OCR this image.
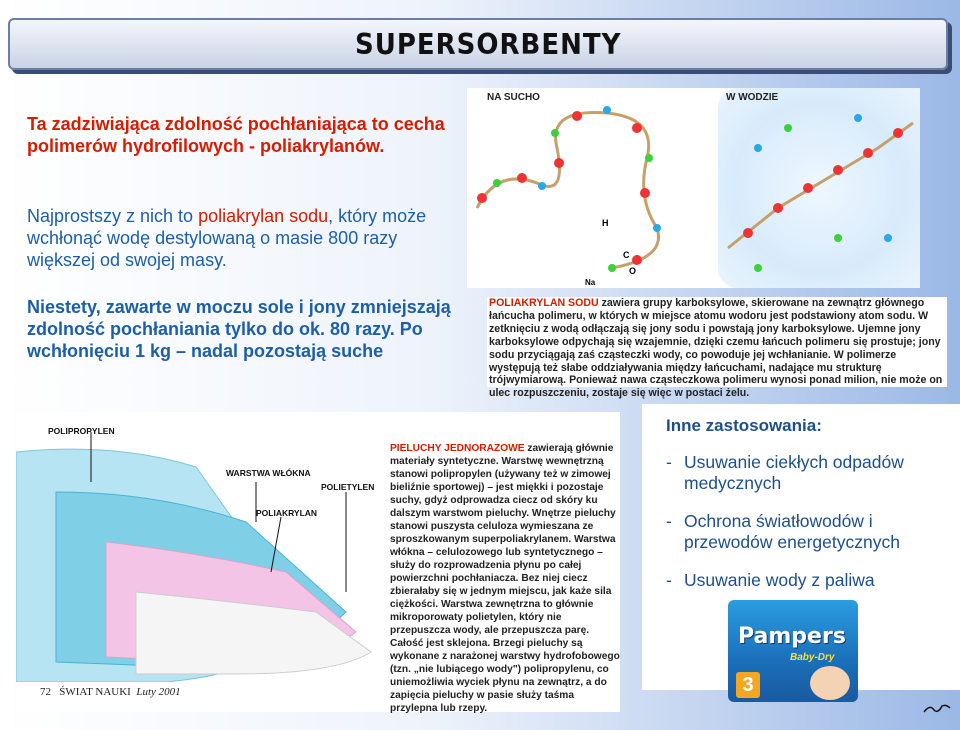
SUPERSORBENTY
Ta zadziwiająca zdolność pochłaniająca to cecha polimerów hydrofilowych - poliakrylanów.
Najprostszy z nich to poliakrylan sodu, który może wchłonąć wodę destylowaną o masie 800 razy większej od swojej masy.
Niestety, zawarte w moczu sole i jony zmniejszają zdolność pochłaniania tylko do ok. 80 razy. Po wchłonięciu 1 kg – nadal pozostają suche
NA SUCHO
H
C
O
Na
W WODZIE
POLIAKRYLAN SODU zawiera grupy karboksylowe, skierowane na zewnątrz głównego łańcucha polimeru, w których w miejsce atomu wodoru jest podstawiony atom sodu. W zetknięciu z wodą odłączają się jony sodu i powstają jony karboksylowe. Ujemne jony karboksylowe odpychają się wzajemnie, dzięki czemu łańcuch polimeru się prostuje; jony sodu przyciągają zaś cząsteczki wody, co powoduje jej wchłanianie. W polimerze występują też słabe oddziaływania między łańcuchami, nadające mu strukturę trójwymiarową. Ponieważ nawa cząsteczkowa polimeru wynosi ponad milion, nie może on ulec rozpuszczeniu, zostaje się więc w postaci żelu.
POLIPROPYLEN
WARSTWA WŁÓKNA
POLIETYLEN
POLIAKRYLAN
PIELUCHY JEDNORAZOWE zawierają głównie materiały syntetyczne. Warstwę wewnętrzną stanowi polipropylen (używany też w zimowej bieliźnie sportowej) – jest miękki i pozostaje suchy, gdyż odprowadza ciecz od skóry ku dalszym warstwom pieluchy. Wnętrze pieluchy stanowi puszysta celuloza wymieszana ze sproszkowanym superpoliakrylanem. Warstwa włókna – celulozowego lub syntetycznego – służy do rozprowadzenia płynu po całej powierzchni pochłaniacza. Bez niej ciecz zbierałaby się w jednym miejscu, jak każe sila ciężkości. Warstwa zewnętrzna to głównie mikroporowaty polietylen, który nie przepuszcza wody, ale przepuszcza parę. Całość jest sklejona. Brzegi pieluchy są wykonane z narażonej warstwy hydrofobowego (tzn. „nie lubiącego wody") polipropylenu, co uniemożliwia wyciek płynu na zewnątrz, a do zapięcia pieluchy w pasie służy taśma przylepna lub rzepy.
72 ŚWIAT NAUKI Luty 2001
Inne zastosowania:
- Usuwanie ciekłych odpadów medycznych
- Ochrona światłowodów i przewodów energetycznych
- Usuwanie wody z paliwa
Pampers
Baby-Dry
3
